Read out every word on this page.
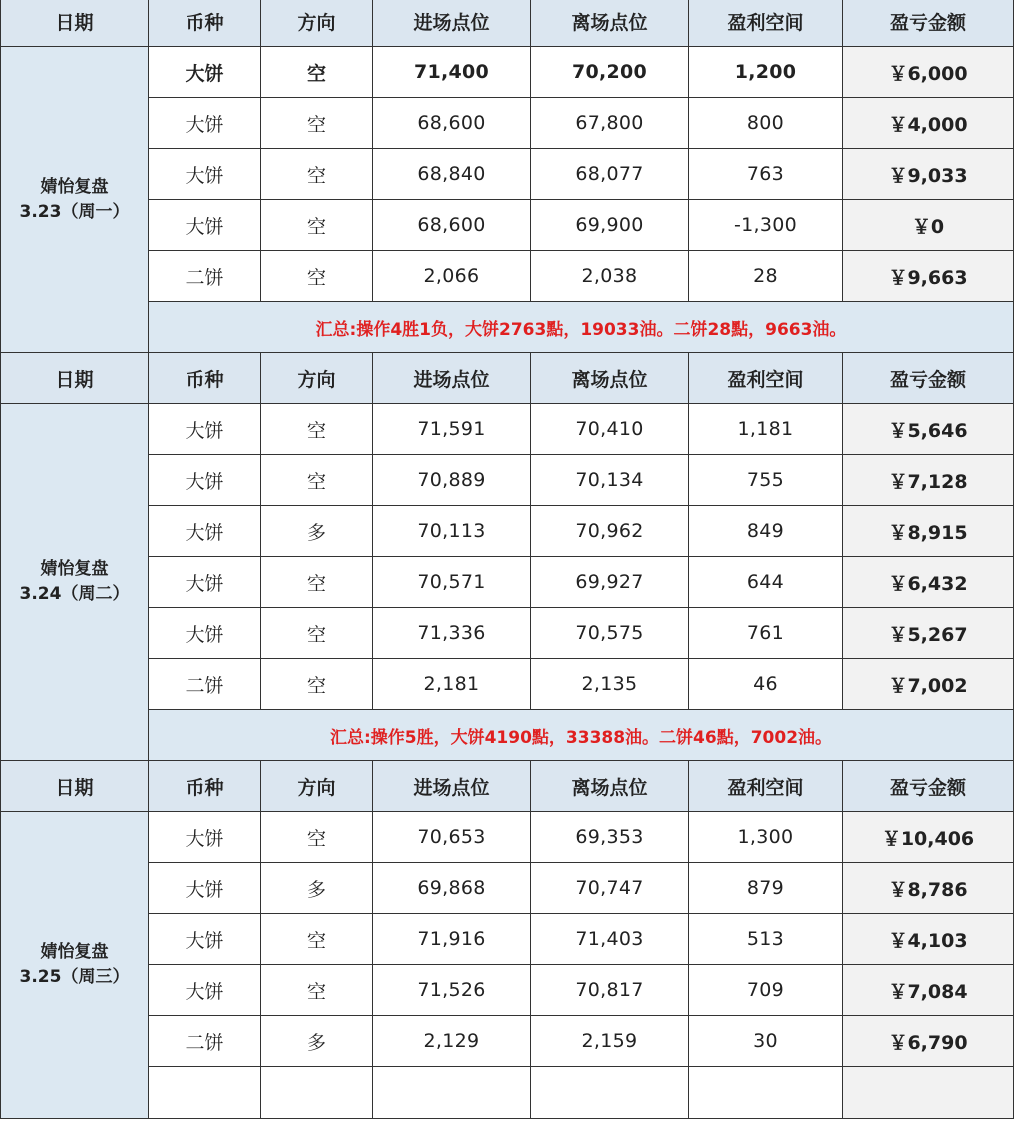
日期	币种	方向	进场点位	离场点位	盈利空间	盈亏金额

婧怡复盘
3.23（周一）	大饼	空	71,400	70,200	1,200	￥6,000
	大饼	空	68,600	67,800	800	￥4,000
	大饼	空	68,840	68,077	763	￥9,033
	大饼	空	68,600	69,900	-1,300	￥0
	二饼	空	2,066	2,038	28	￥9,663
	汇总:操作4胜1负，大饼2763點，19033油。二饼28點，9663油。					
日期	币种	方向	进场点位	离场点位	盈利空间	盈亏金额

婧怡复盘
3.24（周二）	大饼	空	71,591	70,410	1,181	￥5,646
	大饼	空	70,889	70,134	755	￥7,128
	大饼	多	70,113	70,962	849	￥8,915
	大饼	空	70,571	69,927	644	￥6,432
	大饼	空	71,336	70,575	761	￥5,267
	二饼	空	2,181	2,135	46	￥7,002
	汇总:操作5胜，大饼4190點，33388油。二饼46點，7002油。					
日期	币种	方向	进场点位	离场点位	盈利空间	盈亏金额

婧怡复盘
3.25（周三）	大饼	空	70,653	69,353	1,300	￥10,406
	大饼	多	69,868	70,747	879	￥8,786
	大饼	空	71,916	71,403	513	￥4,103
	大饼	空	71,526	70,817	709	￥7,084
	二饼	多	2,129	2,159	30	￥6,790
